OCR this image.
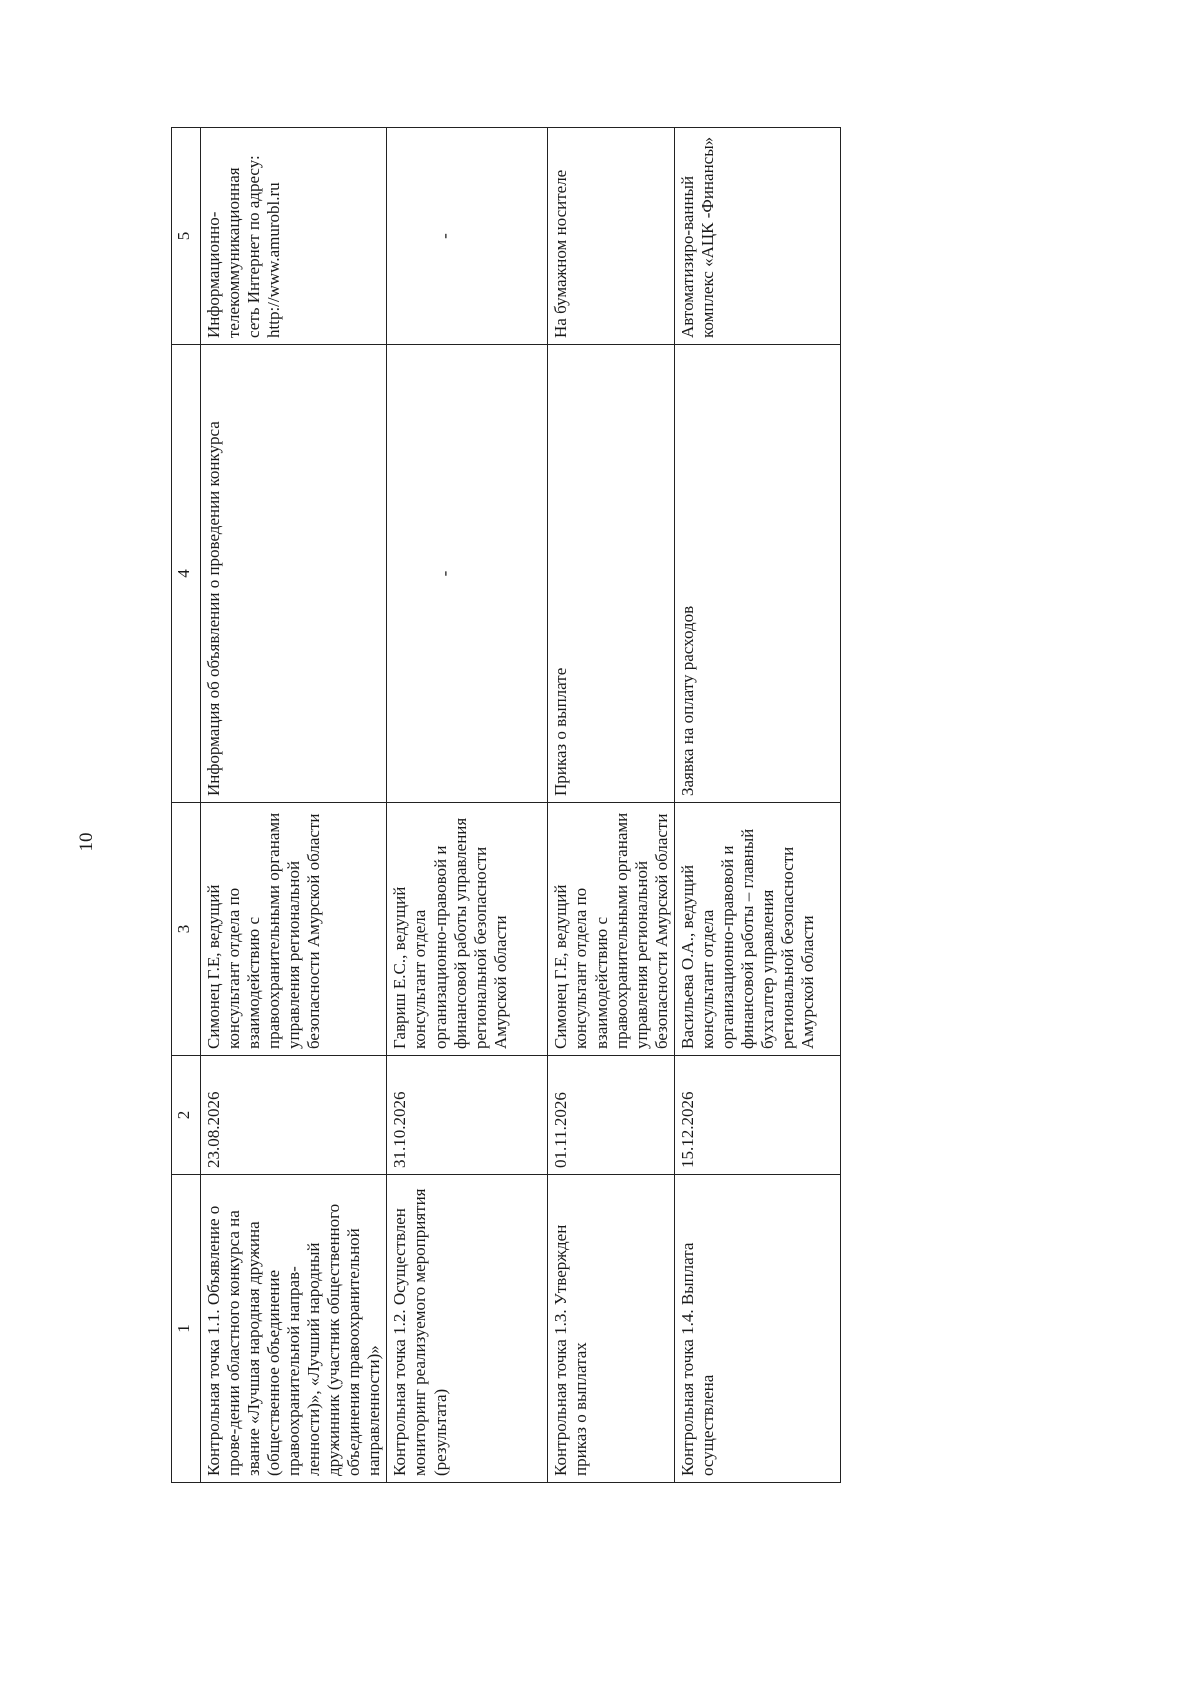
10
1	2	3	4	5
Контрольная точка 1.1. Объявление о прове-дении областного конкурса на звание «Лучшая народная дружина (общественное объединение правоохранительной направ-ленности)», «Лучший народный дружинник (участник общественного объединения правоохранительной направленности)»	23.08.2026	Симонец Г.Е, ведущий консультант отдела по взаимодействию с правоохранительными органами управления региональной безопасности Амурской области	Информация об объявлении о проведении конкурса	Информационно-телекоммуникационная сеть Интернет по адресу: http://www.amurobl.ru
Контрольная точка 1.2. Осуществлен мониторинг реализуемого мероприятия (результата)	31.10.2026	Гавриш Е.С., ведущий консультант отдела организационно-правовой и финансовой работы управления региональной безопасности Амурской области	-	-
Контрольная точка 1.3. Утвержден приказ о выплатах	01.11.2026	Симонец Г.Е, ведущий консультант отдела по взаимодействию с правоохранительными органами управления региональной безопасности Амурской области	Приказ о выплате	На бумажном носителе
Контрольная точка 1.4. Выплата осуществлена	15.12.2026	Васильева О.А., ведущий консультант отдела организационно-правовой и финансовой работы – главный бухгалтер управления региональной безопасности Амурской области	Заявка на оплату расходов	Автоматизиро-ванный комплекс «АЦК -Финансы»
